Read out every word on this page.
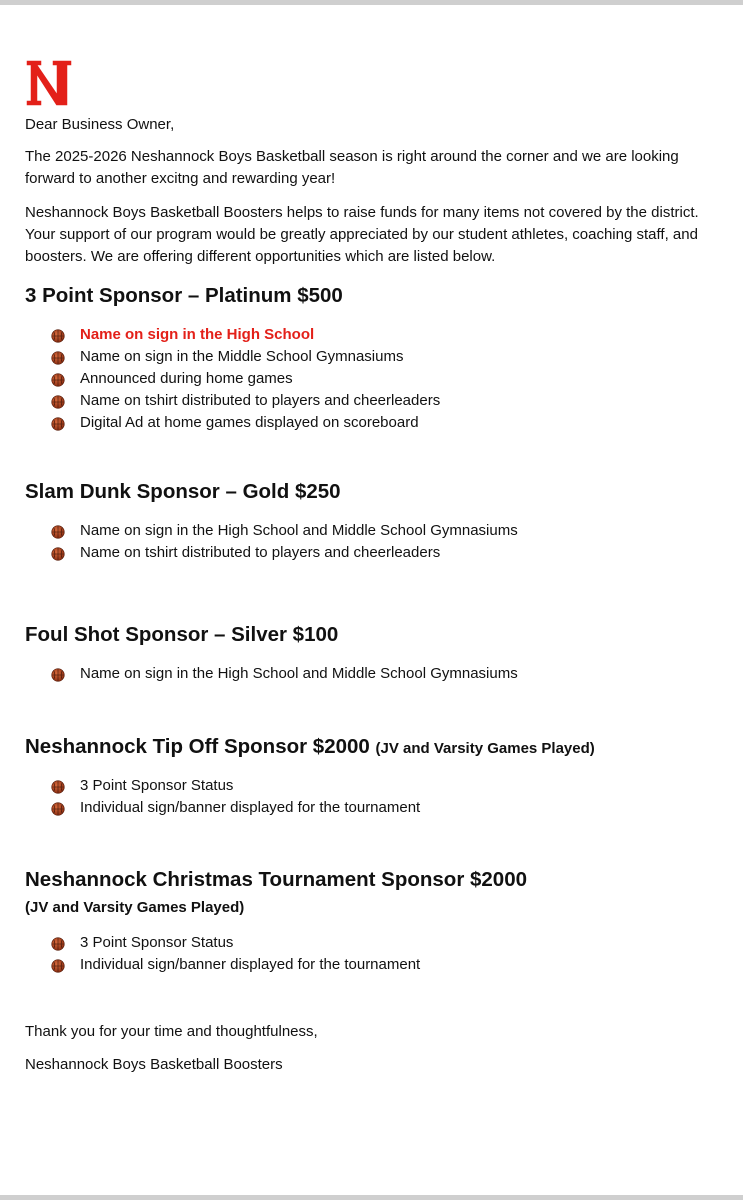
Dear Business Owner,

The 2025-2026 Neshannock Boys Basketball season is right around the corner and we are looking forward to another excitng and rewarding year!

Neshannock Boys Basketball Boosters helps to raise funds for many items not covered by the district. Your support of our program would be greatly appreciated by our student athletes, coaching staff, and boosters. We are offering different opportunities which are listed below.

3 Point Sponsor – Platinum $500
Name on sign in the High School
Name on sign in the Middle School Gymnasiums
Announced during home games
Name on tshirt distributed to players and cheerleaders
Digital Ad at home games displayed on scoreboard
Slam Dunk Sponsor – Gold $250
Name on sign in the High School and Middle School Gymnasiums
Name on tshirt distributed to players and cheerleaders
Foul Shot Sponsor – Silver $100
Name on sign in the High School and Middle School Gymnasiums
Neshannock Tip Off Sponsor $2000 (JV and Varsity Games Played)
3 Point Sponsor Status
Individual sign/banner displayed for the tournament
Neshannock Christmas Tournament Sponsor $2000

(JV and Varsity Games Played)

3 Point Sponsor Status
Individual sign/banner displayed for the tournament

Thank you for your time and thoughtfulness,

Neshannock Boys Basketball Boosters
